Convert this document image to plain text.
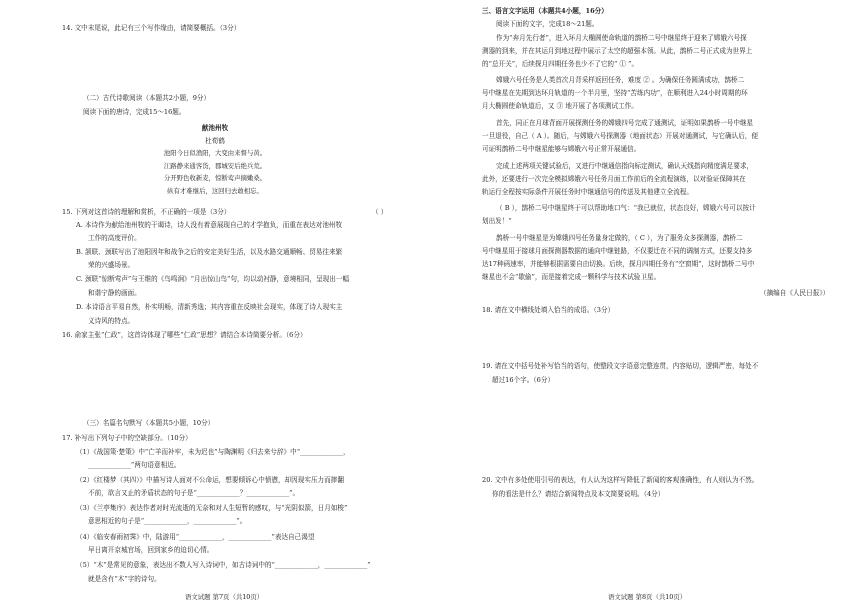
14. 文中末尾说，此记有三个写作缘由，请简要概括。（3分）
（二）古代诗歌阅读（本题共2小题，9分）
阅读下面的唐诗，完成15～16题。
献池州牧
杜荀鹤
池阳今日似渔阳，大变由来督与黄。
江路静来通客货，郡城安后绝兵荒。
分开野色收新麦，惊断莺声摘嫩桑。
纵有才难继后，这回归去敢相忘。
15. 下列对这首诗的理解和赏析，不正确的一项是（3分）	（ ）
A. 本诗作为献给池州牧的干谒诗，诗人没有着意展现自己的才学抱负，而重在表达对池州牧
工作的高度评价。
B. 颔联、颈联写出了池阳因年和战争之后的安定美好生活，以及水路交通顺畅、贸易往来繁
荣的兴盛场景。
C. 颈联“惊断莺声”与王维的《鸟鸣涧》“月出惊山鸟”句，均以动衬静，意境相同，呈现出一幅
和谐宁静的画面。
D. 本诗语言平易自然，朴实明畅，清新秀逸；其内容重在反映社会现实，体现了诗人现实主
义诗风的特点。
16. 俞家主张“仁政”，这首诗体现了哪些“仁政”思想？请结合本诗简要分析。（6分）
（三）名篇名句默写（本题共5小题，10分）
17. 补写出下列句子中的空缺部分。（10分）
（1）《战国策·楚策》中“亡羊而补牢，未为迟也”与陶渊明《归去来兮辞》中“_____________，
_____________”两句语意相近。
（2）《红楼梦（其四）》中描写诗人面对不公命运，想要倾诉心中愤懑，却因现实压力而摔翻
不前，欲言又止的矛盾状态的句子是“_____________？_____________”。
（3）《兰亭集序》表达作者对时光流逝的无奈和对人生短暂的感叹，与“光阴似箭，日月如梭”
意思相近的句子是“_____________，_____________”。
（4）《临安春雨初霁》中，陆游用“_____________，_____________”表达自己渴望
早日离开京城官场，回到家乡的迫切心情。
（5）“木”是常见的意象，表达出不数人写入诗词中，如古诗词中的“_____________，_____________”
就是含有“木”字的诗句。
语文试题 第7页（共10页）
三、语言文字运用（本题共4小题，16分）
阅读下面的文字，完成18～21题。
作为“奔月先行者”，进入环月大椭圆使命轨道的鹊桥二号中继星终于迎来了嫦娥六号探
测器的到来，并在其运月到地过程中展示了太空的超强本领。从此，鹊桥二号正式成为世界上
的“总开关”，后续探月四期任务也少不了它的“ ① ”。
嫦娥六号任务是人类首次月背采样返回任务，难度 ② 。为确保任务圆满成功，鹊桥二
号中继星在先期到达环月轨道的一个半月里，坚持“苦练内功”，在顺利进入24小时周期的环
月大椭圆使命轨道后，又 ③ 地开展了各项测试工作。
首先，同正在月球背面开展探测任务的嫦娥四号完成了通测试，证明如果鹊桥一号中继星
一旦退役，自己（ A ）。随后，与嫦娥六号探测器（地面状态）开展对通测试，与它确认后，便
可证明鹊桥二号中继星能够与嫦娥六号正常开展通信。
完成上述两项关键试验后，又进行中继通信指向标定测试，确认天线指向精度满足要求，
此外，还要进行一次完全模拟嫦娥六号任务月面工作前后的全流程演练，以对验证保障其在
轨运行全程按实际条件开展任务时中继通信号的传送及其他建立全流程。
（ B ），鹊桥二号中继星终于可以帮助地口气：“我已就位，状态良好，嫦娥六号可以按计
划出发！”
鹊桥一号中继星是为嫦娥四号任务量身定做的，（ C ），为了服务众多探测器，鹊桥二
号中继星用于接球月面探测器数据的通向中继链路，不仅要迁在不同的调制方式，还要支持多
达17种码速率，并能够根据需要自由切换。后续，探月四期任务有“空窗期”，这时鹊桥二号中
继星也不会“歇偷”，而是接着完成一颗科学与技术试验卫星。
（摘编自《人民日报》）
18. 请在文中横线处填入恰当的成语。（3分）
19. 请在文中括号处补写恰当的语句，使整段文字语意完整连贯，内容贴切，逻辑严密，每处不
超过16个字。（6分）
20. 文中有多处使用引号的表达，有人认为这样写降低了新闻的客观准确性，有人则认为不然。
你的看法是什么？请结合新闻特点及本文简要说明。（4分）
语文试题 第8页（共10页）
